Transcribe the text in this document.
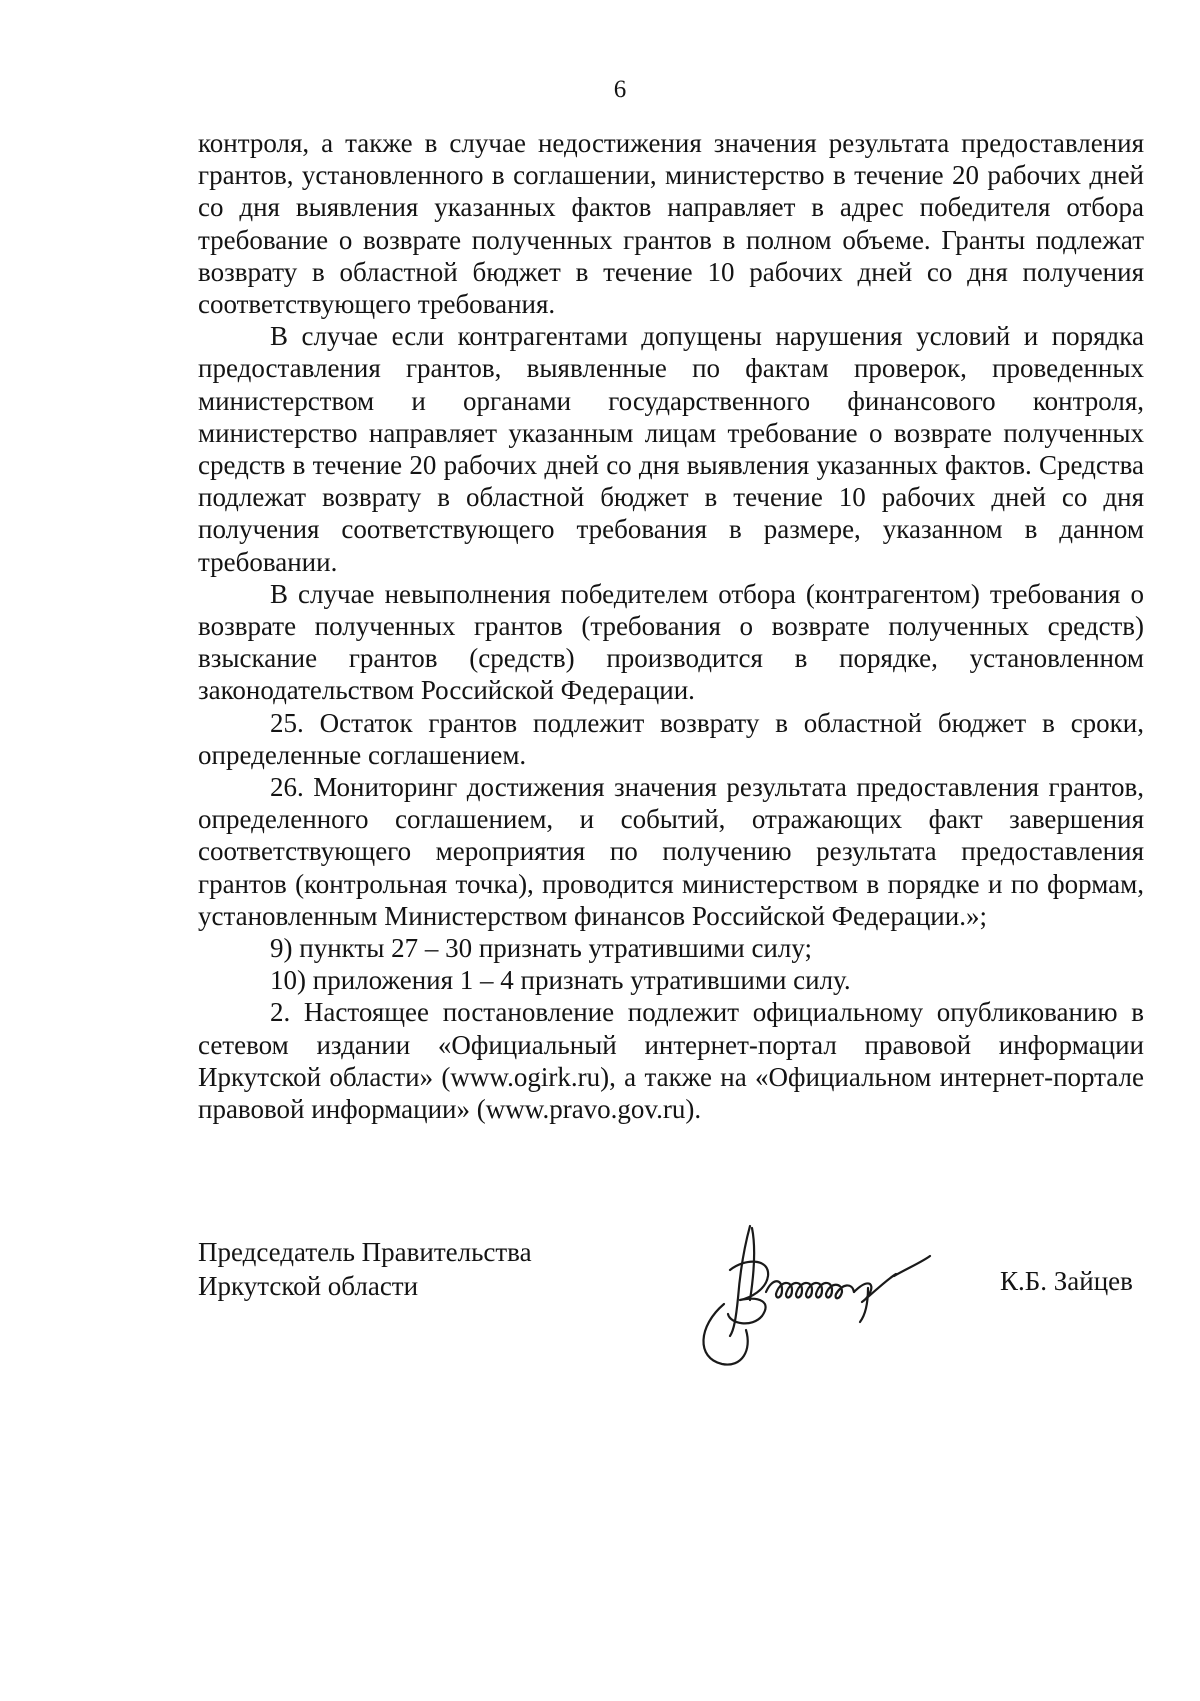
6

контроля, а также в случае недостижения значения результата предоставления грантов, установленного в соглашении, министерство в течение 20 рабочих дней со дня выявления указанных фактов направляет в адрес победителя отбора требование о возврате полученных грантов в полном объеме. Гранты подлежат возврату в областной бюджет в течение 10 рабочих дней со дня получения соответствующего требования.

В случае если контрагентами допущены нарушения условий и порядка предоставления грантов, выявленные по фактам проверок, проведенных министерством и органами государственного финансового контроля, министерство направляет указанным лицам требование о возврате полученных средств в течение 20 рабочих дней со дня выявления указанных фактов. Средства подлежат возврату в областной бюджет в течение 10 рабочих дней со дня получения соответствующего требования в размере, указанном в данном требовании.

В случае невыполнения победителем отбора (контрагентом) требования о возврате полученных грантов (требования о возврате полученных средств) взыскание грантов (средств) производится в порядке, установленном законодательством Российской Федерации.

25. Остаток грантов подлежит возврату в областной бюджет в сроки, определенные соглашением.

26. Мониторинг достижения значения результата предоставления грантов, определенного соглашением, и событий, отражающих факт завершения соответствующего мероприятия по получению результата предоставления грантов (контрольная точка), проводится министерством в порядке и по формам, установленным Министерством финансов Российской Федерации.»;

9) пункты 27 – 30 признать утратившими силу;

10) приложения 1 – 4 признать утратившими силу.

2. Настоящее постановление подлежит официальному опубликованию в сетевом издании «Официальный интернет-портал правовой информации Иркутской области» (www.ogirk.ru), а также на «Официальном интернет-портале правовой информации» (www.pravo.gov.ru).

Председатель Правительства
Иркутской области	К.Б. Зайцев
